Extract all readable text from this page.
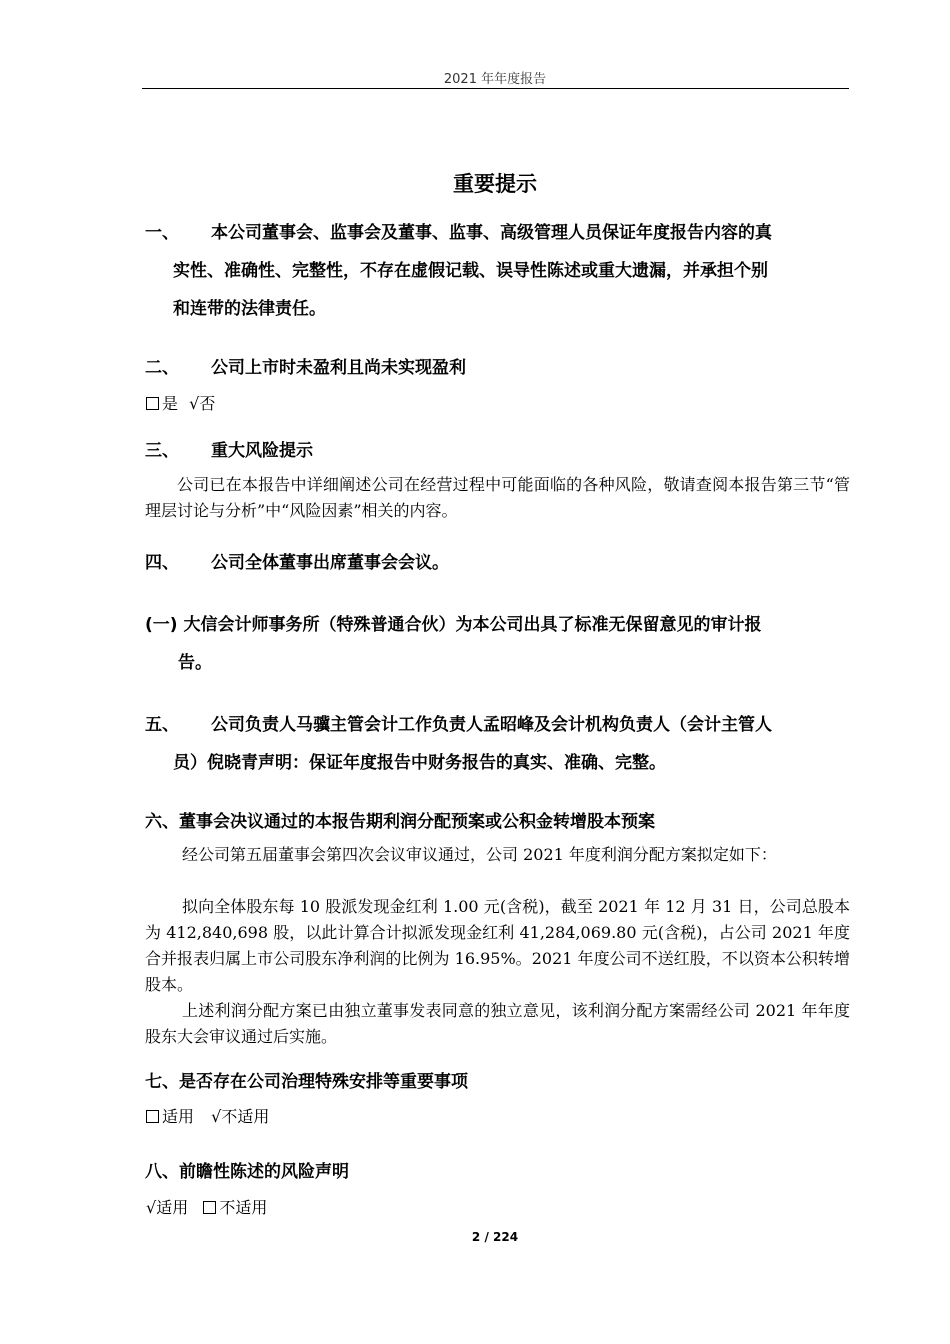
2021 年年度报告
重要提示
一、 本公司董事会、监事会及董事、监事、高级管理人员保证年度报告内容的真
实性、准确性、完整性，不存在虚假记载、误导性陈述或重大遗漏，并承担个别
和连带的法律责任。
二、 公司上市时未盈利且尚未实现盈利
是 √否
三、 重大风险提示
公司已在本报告中详细阐述公司在经营过程中可能面临的各种风险，敬请查阅本报告第三节“管理层讨论与分析”中“风险因素”相关的内容。
四、 公司全体董事出席董事会会议。
(一) 大信会计师事务所（特殊普通合伙）为本公司出具了标准无保留意见的审计报
告。
五、 公司负责人马骥主管会计工作负责人孟昭峰及会计机构负责人（会计主管人
员）倪晓青声明：保证年度报告中财务报告的真实、准确、完整。
六、董事会决议通过的本报告期利润分配预案或公积金转增股本预案
经公司第五届董事会第四次会议审议通过，公司 2021 年度利润分配方案拟定如下：
拟向全体股东每 10 股派发现金红利 1.00 元(含税)，截至 2021 年 12 月 31 日，公司总股本为 412,840,698 股，以此计算合计拟派发现金红利 41,284,069.80 元(含税)，占公司 2021 年度合并报表归属上市公司股东净利润的比例为 16.95%。2021 年度公司不送红股，不以资本公积转增股本。
上述利润分配方案已由独立董事发表同意的独立意见，该利润分配方案需经公司 2021 年年度股东大会审议通过后实施。
七、是否存在公司治理特殊安排等重要事项
适用 √不适用
八、前瞻性陈述的风险声明
√适用 不适用
2 / 224
